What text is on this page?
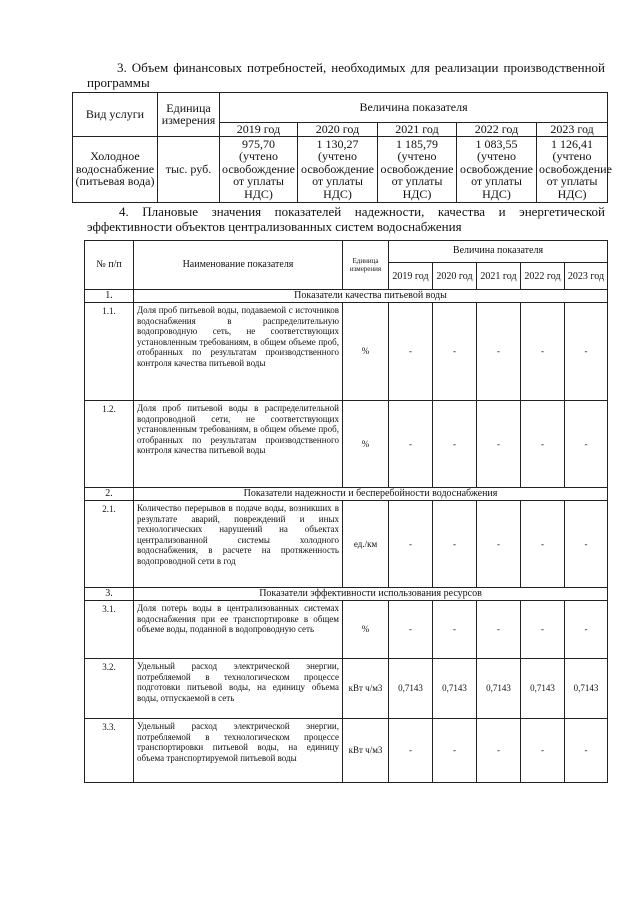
3. Объем финансовых потребностей, необходимых для реализации производственной программы
Вид услуги	Единица измерения	Величина показателя				
		2019 год	2020 год	2021 год	2022 год	2023 год
Холодное водоснабжение (питьевая вода)	тыс. руб.	975,70 (учтено освобождение от уплаты НДС)	1 130,27 (учтено освобождение от уплаты НДС)	1 185,79 (учтено освобождение от уплаты НДС)	1 083,55 (учтено освобождение от уплаты НДС)	1 126,41 (учтено освобождение от уплаты НДС)
4. Плановые значения показателей надежности, качества и энергетической эффективности объектов централизованных систем водоснабжения
№ п/п	Наименование показателя	Единица измерения	Величина показателя				
			2019 год	2020 год	2021 год	2022 год	2023 год
1.	Показатели качества питьевой воды						
1.1.	Доля проб питьевой воды, подаваемой с источников водоснабжения в распределительную водопроводную сеть, не соответствующих установленным требованиям, в общем объеме проб, отобранных по результатам производственного контроля качества питьевой воды	%	-	-	-	-	-
1.2.	Доля проб питьевой воды в распределительной водопроводной сети, не соответствующих установленным требованиям, в общем объеме проб, отобранных по результатам производственного контроля качества питьевой воды	%	-	-	-	-	-
2.	Показатели надежности и бесперебойности водоснабжения						
2.1.	Количество перерывов в подаче воды, возникших в результате аварий, повреждений и иных технологических нарушений на объектах централизованной системы холодного водоснабжения, в расчете на протяженность водопроводной сети в год	ед./км	-	-	-	-	-
3.	Показатели эффективности использования ресурсов						
3.1.	Доля потерь воды в централизованных системах водоснабжения при ее транспортировке в общем объеме воды, поданной в водопроводную сеть	%	-	-	-	-	-
3.2.	Удельный расход электрической энергии, потребляемой в технологическом процессе подготовки питьевой воды, на единицу объема воды, отпускаемой в сеть	кВт ч/м3	0,7143	0,7143	0,7143	0,7143	0,7143
3.3.	Удельный расход электрической энергии, потребляемой в технологическом процессе транспортировки питьевой воды, на единицу объема транспортируемой питьевой воды	кВт ч/м3	-	-	-	-	-
